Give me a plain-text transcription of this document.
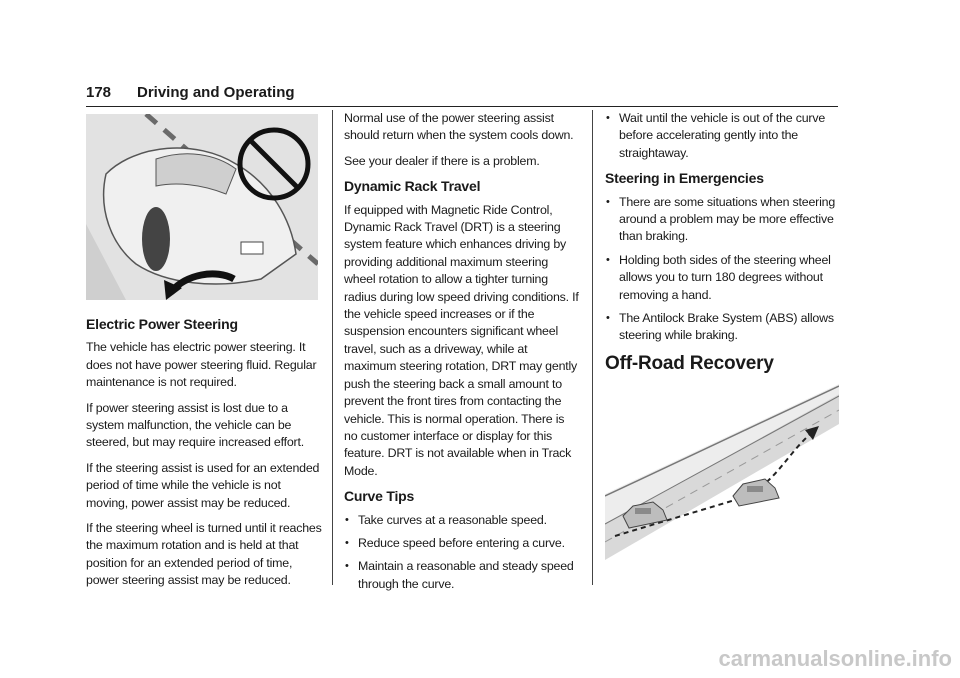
178 Driving and Operating
Electric Power Steering

The vehicle has electric power steering. It does not have power steering fluid. Regular maintenance is not required.

If power steering assist is lost due to a system malfunction, the vehicle can be steered, but may require increased effort.

If the steering assist is used for an extended period of time while the vehicle is not moving, power assist may be reduced.

If the steering wheel is turned until it reaches the maximum rotation and is held at that position for an extended period of time, power steering assist may be reduced.

Normal use of the power steering assist should return when the system cools down.

See your dealer if there is a problem.

Dynamic Rack Travel

If equipped with Magnetic Ride Control, Dynamic Rack Travel (DRT) is a steering system feature which enhances driving by providing additional maximum steering wheel rotation to allow a tighter turning radius during low speed driving conditions. If the vehicle speed increases or if the suspension encounters significant wheel travel, such as a driveway, while at maximum steering rotation, DRT may gently push the steering back a small amount to prevent the front tires from contacting the vehicle. This is normal operation. There is no customer interface or display for this feature. DRT is not available when in Track Mode.

Curve Tips
• Take curves at a reasonable speed.
• Reduce speed before entering a curve.
• Maintain a reasonable and steady speed through the curve.
• Wait until the vehicle is out of the curve before accelerating gently into the straightaway.
Steering in Emergencies
• There are some situations when steering around a problem may be more effective than braking.
• Holding both sides of the steering wheel allows you to turn 180 degrees without removing a hand.
• The Antilock Brake System (ABS) allows steering while braking.
Off-Road Recovery
carmanualsonline.info
